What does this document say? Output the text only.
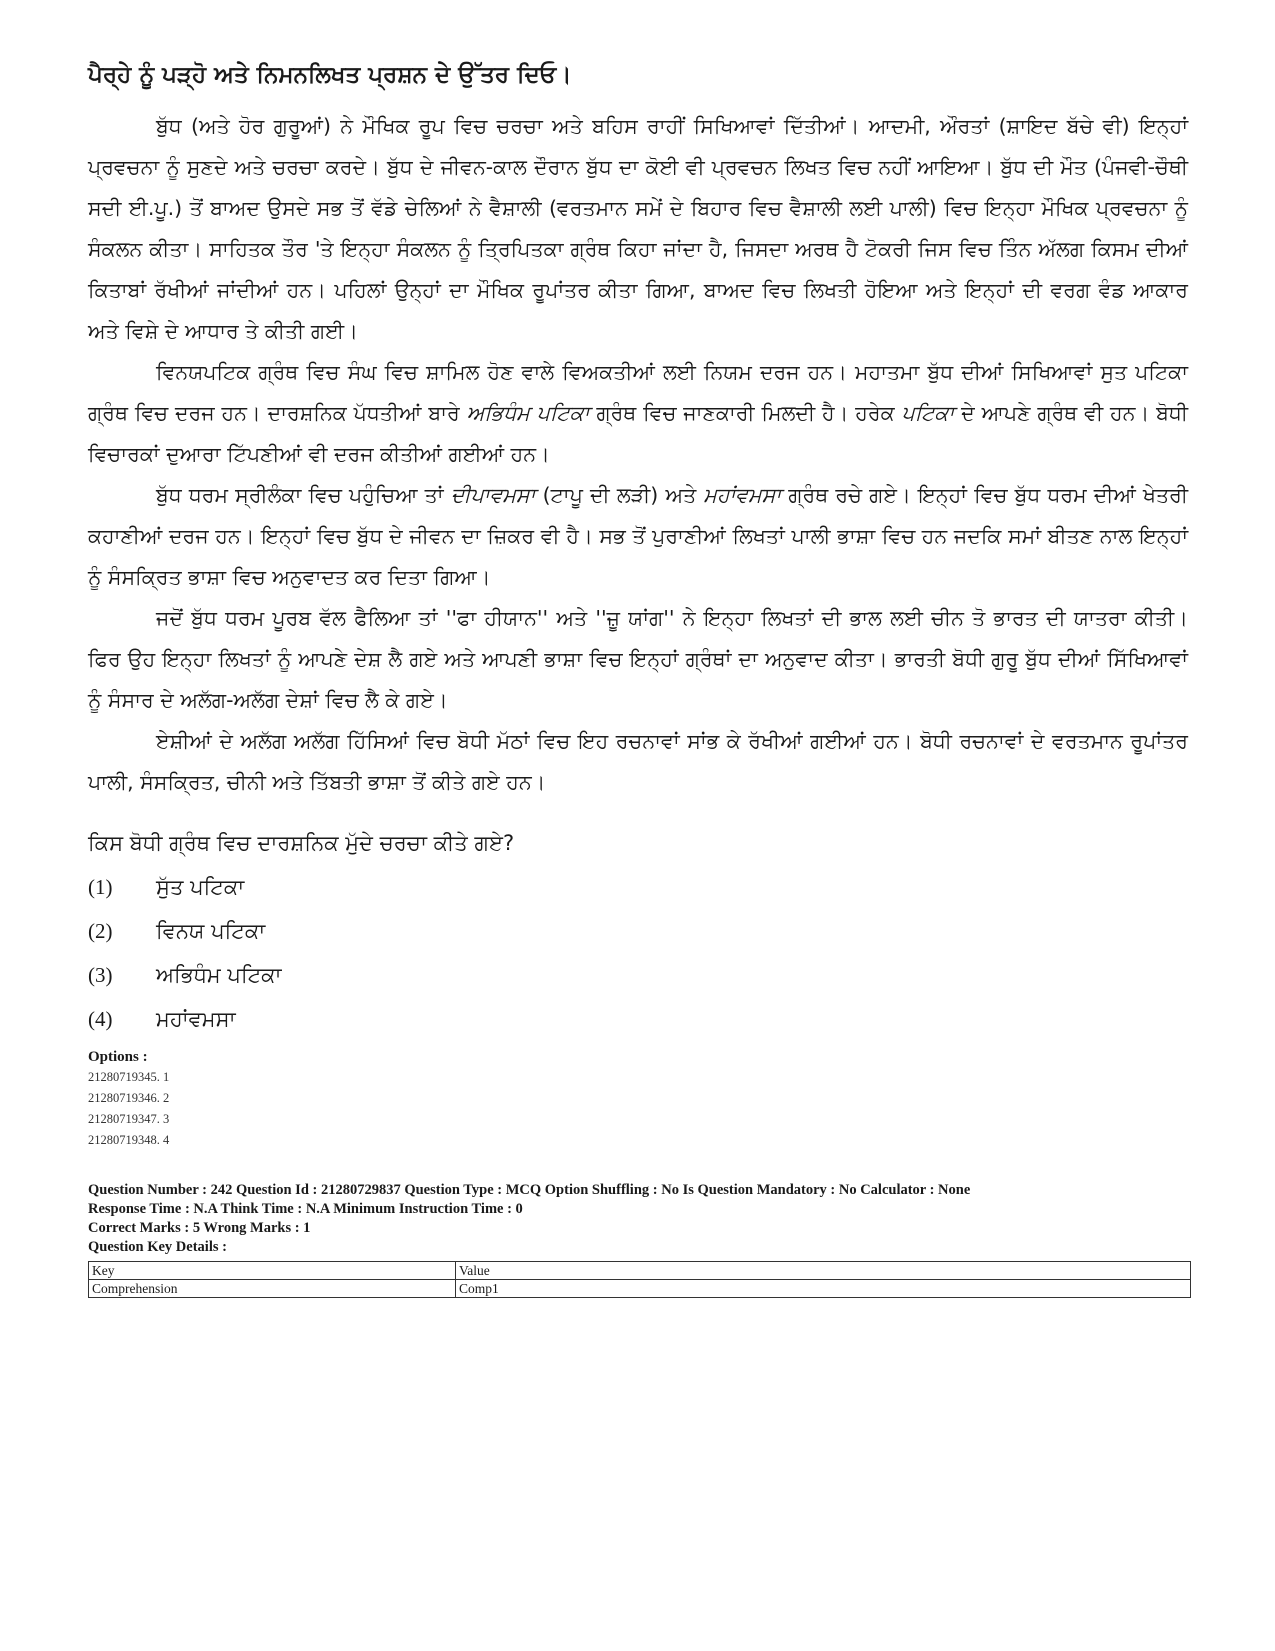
ਪੈਰ੍ਹੇ ਨੂੰ ਪੜ੍ਹੋ ਅਤੇ ਨਿਮਨਲਿਖਤ ਪ੍ਰਸ਼ਨ ਦੇ ਉੱਤਰ ਦਿਓ।

ਬੁੱਧ (ਅਤੇ ਹੋਰ ਗੁਰੂਆਂ) ਨੇ ਮੌਖਿਕ ਰੂਪ ਵਿਚ ਚਰਚਾ ਅਤੇ ਬਹਿਸ ਰਾਹੀਂ ਸਿਖਿਆਵਾਂ ਦਿੱਤੀਆਂ। ਆਦਮੀ, ਔਰਤਾਂ (ਸ਼ਾਇਦ ਬੱਚੇ ਵੀ) ਇਨ੍ਹਾਂ ਪ੍ਰਵਚਨਾ ਨੂੰ ਸੁਣਦੇ ਅਤੇ ਚਰਚਾ ਕਰਦੇ। ਬੁੱਧ ਦੇ ਜੀਵਨ-ਕਾਲ ਦੌਰਾਨ ਬੁੱਧ ਦਾ ਕੋਈ ਵੀ ਪ੍ਰਵਚਨ ਲਿਖਤ ਵਿਚ ਨਹੀਂ ਆਇਆ। ਬੁੱਧ ਦੀ ਮੌਤ (ਪੰਜਵੀ-ਚੌਥੀ ਸਦੀ ਈ.ਪੂ.) ਤੋਂ ਬਾਅਦ ਉਸਦੇ ਸਭ ਤੋਂ ਵੱਡੇ ਚੇਲਿਆਂ ਨੇ ਵੈਸ਼ਾਲੀ (ਵਰਤਮਾਨ ਸਮੇਂ ਦੇ ਬਿਹਾਰ ਵਿਚ ਵੈਸ਼ਾਲੀ ਲਈ ਪਾਲੀ) ਵਿਚ ਇਨ੍ਹਾ ਮੌਖਿਕ ਪ੍ਰਵਚਨਾ ਨੂੰ ਸੰਕਲਨ ਕੀਤਾ। ਸਾਹਿਤਕ ਤੌਰ 'ਤੇ ਇਨ੍ਹਾ ਸੰਕਲਨ ਨੂੰ ਤ੍ਰਿਪਿਤਕਾ ਗ੍ਰੰਥ ਕਿਹਾ ਜਾਂਦਾ ਹੈ, ਜਿਸਦਾ ਅਰਥ ਹੈ ਟੋਕਰੀ ਜਿਸ ਵਿਚ ਤਿੰਨ ਅੱਲਗ ਕਿਸਮ ਦੀਆਂ ਕਿਤਾਬਾਂ ਰੱਖੀਆਂ ਜਾਂਦੀਆਂ ਹਨ। ਪਹਿਲਾਂ ਉਨ੍ਹਾਂ ਦਾ ਮੌਖਿਕ ਰੂਪਾਂਤਰ ਕੀਤਾ ਗਿਆ, ਬਾਅਦ ਵਿਚ ਲਿਖਤੀ ਹੋਇਆ ਅਤੇ ਇਨ੍ਹਾਂ ਦੀ ਵਰਗ ਵੰਡ ਆਕਾਰ ਅਤੇ ਵਿਸ਼ੇ ਦੇ ਆਧਾਰ ਤੇ ਕੀਤੀ ਗਈ।

ਵਿਨਯਪਟਿਕ ਗ੍ਰੰਥ ਵਿਚ ਸੰਘ ਵਿਚ ਸ਼ਾਮਿਲ ਹੋਣ ਵਾਲੇ ਵਿਅਕਤੀਆਂ ਲਈ ਨਿਯਮ ਦਰਜ ਹਨ। ਮਹਾਤਮਾ ਬੁੱਧ ਦੀਆਂ ਸਿਖਿਆਵਾਂ ਸੁਤ ਪਟਿਕਾ ਗ੍ਰੰਥ ਵਿਚ ਦਰਜ ਹਨ। ਦਾਰਸ਼ਨਿਕ ਪੱਧਤੀਆਂ ਬਾਰੇ ਅਭਿਧੰਮ ਪਟਿਕਾ ਗ੍ਰੰਥ ਵਿਚ ਜਾਣਕਾਰੀ ਮਿਲਦੀ ਹੈ। ਹਰੇਕ ਪਟਿਕਾ ਦੇ ਆਪਣੇ ਗ੍ਰੰਥ ਵੀ ਹਨ। ਬੋਧੀ ਵਿਚਾਰਕਾਂ ਦੁਆਰਾ ਟਿੱਪਣੀਆਂ ਵੀ ਦਰਜ ਕੀਤੀਆਂ ਗਈਆਂ ਹਨ।

ਬੁੱਧ ਧਰਮ ਸ੍ਰੀਲੰਕਾ ਵਿਚ ਪਹੁੰਚਿਆ ਤਾਂ ਦੀਪਾਵਮਸਾ (ਟਾਪੂ ਦੀ ਲੜੀ) ਅਤੇ ਮਹਾਂਵਮਸਾ ਗ੍ਰੰਥ ਰਚੇ ਗਏ। ਇਨ੍ਹਾਂ ਵਿਚ ਬੁੱਧ ਧਰਮ ਦੀਆਂ ਖੇਤਰੀ ਕਹਾਣੀਆਂ ਦਰਜ ਹਨ। ਇਨ੍ਹਾਂ ਵਿਚ ਬੁੱਧ ਦੇ ਜੀਵਨ ਦਾ ਜ਼ਿਕਰ ਵੀ ਹੈ। ਸਭ ਤੋਂ ਪੁਰਾਣੀਆਂ ਲਿਖਤਾਂ ਪਾਲੀ ਭਾਸ਼ਾ ਵਿਚ ਹਨ ਜਦਕਿ ਸਮਾਂ ਬੀਤਣ ਨਾਲ ਇਨ੍ਹਾਂ ਨੂੰ ਸੰਸਕ੍ਰਿਤ ਭਾਸ਼ਾ ਵਿਚ ਅਨੁਵਾਦਤ ਕਰ ਦਿਤਾ ਗਿਆ।

ਜਦੋਂ ਬੁੱਧ ਧਰਮ ਪੂਰਬ ਵੱਲ ਫੈਲਿਆ ਤਾਂ ''ਫਾ ਹੀਯਾਨ'' ਅਤੇ ''ਜ਼ੂ ਯਾਂਗ'' ਨੇ ਇਨ੍ਹਾ ਲਿਖਤਾਂ ਦੀ ਭਾਲ ਲਈ ਚੀਨ ਤੋ ਭਾਰਤ ਦੀ ਯਾਤਰਾ ਕੀਤੀ। ਫਿਰ ਉਹ ਇਨ੍ਹਾ ਲਿਖਤਾਂ ਨੂੰ ਆਪਣੇ ਦੇਸ਼ ਲੈ ਗਏ ਅਤੇ ਆਪਣੀ ਭਾਸ਼ਾ ਵਿਚ ਇਨ੍ਹਾਂ ਗ੍ਰੰਥਾਂ ਦਾ ਅਨੁਵਾਦ ਕੀਤਾ। ਭਾਰਤੀ ਬੋਧੀ ਗੁਰੂ ਬੁੱਧ ਦੀਆਂ ਸਿੱਖਿਆਵਾਂ ਨੂੰ ਸੰਸਾਰ ਦੇ ਅਲੱਗ-ਅਲੱਗ ਦੇਸ਼ਾਂ ਵਿਚ ਲੈ ਕੇ ਗਏ।

ਏਸ਼ੀਆਂ ਦੇ ਅਲੱਗ ਅਲੱਗ ਹਿੱਸਿਆਂ ਵਿਚ ਬੋਧੀ ਮੱਠਾਂ ਵਿਚ ਇਹ ਰਚਨਾਵਾਂ ਸਾਂਭ ਕੇ ਰੱਖੀਆਂ ਗਈਆਂ ਹਨ। ਬੋਧੀ ਰਚਨਾਵਾਂ ਦੇ ਵਰਤਮਾਨ ਰੂਪਾਂਤਰ ਪਾਲੀ, ਸੰਸਕ੍ਰਿਤ, ਚੀਨੀ ਅਤੇ ਤਿੱਬਤੀ ਭਾਸ਼ਾ ਤੋਂ ਕੀਤੇ ਗਏ ਹਨ।

ਕਿਸ ਬੋਧੀ ਗ੍ਰੰਥ ਵਿਚ ਦਾਰਸ਼ਨਿਕ ਮੁੱਦੇ ਚਰਚਾ ਕੀਤੇ ਗਏ?
(1)	ਸੁੱਤ ਪਟਿਕਾ
(2)	ਵਿਨਯ ਪਟਿਕਾ
(3)	ਅਭਿਧੰਮ ਪਟਿਕਾ
(4)	ਮਹਾਂਵਮਸਾ
Options :
21280719345. 1
21280719346. 2
21280719347. 3
21280719348. 4
Question Number : 242 Question Id : 21280729837 Question Type : MCQ Option Shuffling : No Is Question Mandatory : No Calculator : None
Response Time : N.A Think Time : N.A Minimum Instruction Time : 0
Correct Marks : 5 Wrong Marks : 1
Question Key Details :
Key	Value
Comprehension	Comp1
